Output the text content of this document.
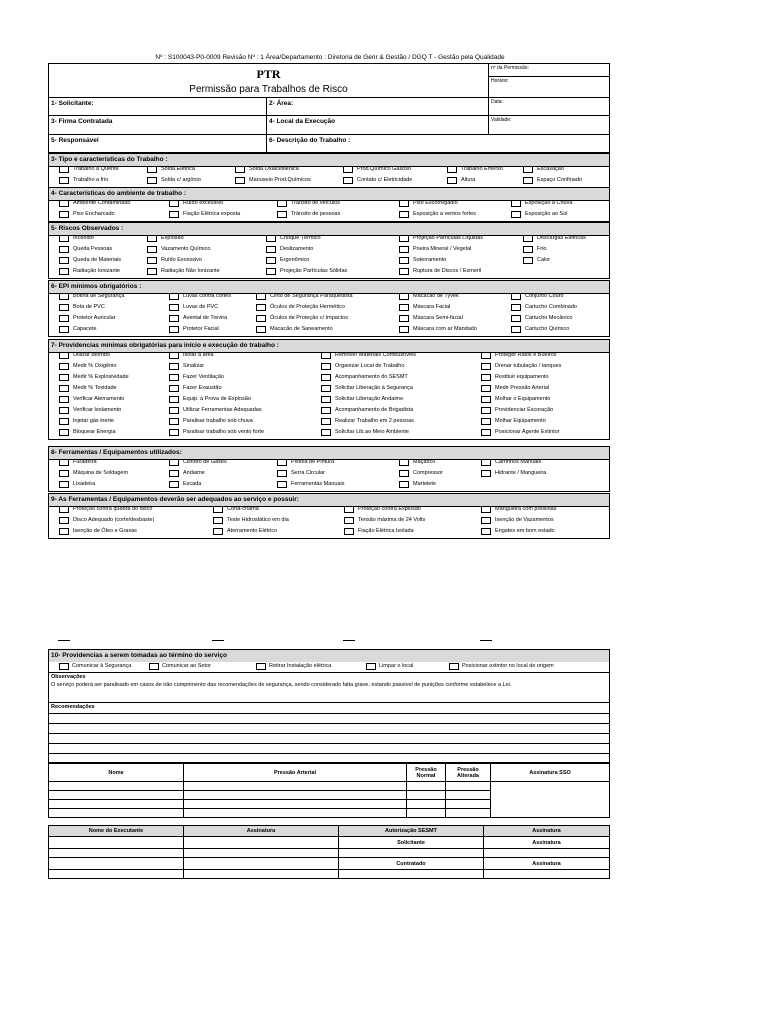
Nº : S100043-P0-0009 Revisão Nº : 1 Área/Departamento : Diretoria de Gerir & Gestão / DGQ T - Gestão pela Qualidade
PTR
Permissão para Trabalhos de Risco
nº da Permissão:
Horário:
1- Solicitante:	2- Área:	Data:
3- Firma Contratada	4- Local da Execução	Validade:
5- Responsável	6- Descrição do Trabalho :
3- Tipo e características do Trabalho :
Trabalho a Quente	Solda Elétrica	Solda Oxiacetilênica	Prod.Químico Gasoso	Trabalho Emerso	Escavação
Trabalho a frio	Solda c/ argônio	Manuseio Prod.Químicos	Contato c/ Eletricidade	Altura	Espaço Confinado
4- Características do ambiente de trabalho :
Ambiente Contaminado	Ruído excessivo	Trânsito de veículos	Piso Escorregadio	Exposição à Chuva
Piso Encharcado	Fiação Elétrica exposta	Trânsito de pessoas	Exposição a ventos fortes	Exposição ao Sol
5- Riscos Observados :
Incêndio	Explosão	Choque Térmico	Projeção Partículas Líquidas	Descargas Elétricas
Queda Pessoas	Vazamento Químico	Deslizamento	Poeira Mineral / Vegetal	Frio
Queda de Materiais	Ruído Excessivo	Ergonômico	Soterramento	Calor
Radiação Ionizante	Radiação Não Ionizante	Projeção Partículas Sólidas	Ruptura de Discos / Esmeril
6- EPI mínimos obrigatórios :
Botina de Segurança	Luvas contra cortes	Cinto de Segurança Paraquedista	Macacão de Tyvek	Conjunto Couro
Bota de PVC	Luvas de PVC	Óculos de Proteção Hermético	Máscara Facial	Cartucho Combinado
Protetor Auricular	Avental de Trevira	Óculos de Proteção c/ Impactos	Máscara Semi-facial	Cartucho Mecânico
Capacete	Protetor Facial	Macacão de Saneamento	Máscara com ar Mandado	Cartucho Químico
7- Providencias mínimas obrigatórias para início e execução do trabalho :
Utilizar Biombo	Isolar a área	Remover Materiais Combustíveis	Proteger Ralos e Bueiros
Medir % Oxigênio	Sinalizar	Organizar Local de Trabalho	Drenar tubulação / tanques
Medir % Explosividade	Fazer Ventilação	Acompanhamento do SESMT	Restituir equipamento
Medir % Toxidade	Fazer Exaustão	Solicitar Liberação à Segurança	Medir Pressão Arterial
Verificar Aterramento	Equip. à Prova de Explosão	Solicitar Liberação Andaime	Molhar o Equipamento
Verificar Isolamento	Utilizar Ferramentas Adequadas	Acompanhamento de Brigadista	Providenciar Escoração
Injetar gás inerte	Paralisar trabalho sob chuva	Realizar Trabalho em 2 pessoas	Molhar Equipamento
Bloquear Energia	Paralisar trabalho sob vento forte	Solicitar Lib.ao Meio Ambiente	Posicionar Agente Extintor
8- Ferramentas / Equipamentos utilizados:
Furadeira	Cilindro de Gases	Pistola de Pintura	Maçarico	Carrinhos Manuais
Máquina de Soldagem	Andaime	Serra Circular	Compressor	Hidrante / Mangueira
Lixadeira	Escada	Ferramentas Manuais	Martelete
9- As Ferramentas / Equipamentos deverão ser adequados ao serviço e possuir:
Proteção contra quebra do disco	Corta-chama	Proteção contra Explosão	Mangueira com presilhas
Disco Adequado (corte/desbaste)	Teste Hidrostático em dia	Tensão máxima de 24 Volts	Isenção de Vazamentos
Isenção de Óleo e Graxas	Aterramento Elétrico	Fiação Elétrica Isolada	Engates em bom estado
10- Providencias a serem tomadas ao término do serviço
Comunicar à Segurança	Comunicar ao Setor	Retirar Instalação elétrica	Limpar o local	Posicionar extintor no local de origem
Observações
O serviço poderá ser paralisado em casos de não cumprimento das recomendações de segurança, sendo considerado falta grave, estando passível de punições conforme estabelece a Lei.
Recomendações
Nome	Pressão Arterial	Pressão Normal	Pressão Alterada	Assinatura SSO

Nome do Executante	Assinatura	Autorização SESMT	Assinatura
		Solicitante	Assinatura

		Contratado	Assinatura
